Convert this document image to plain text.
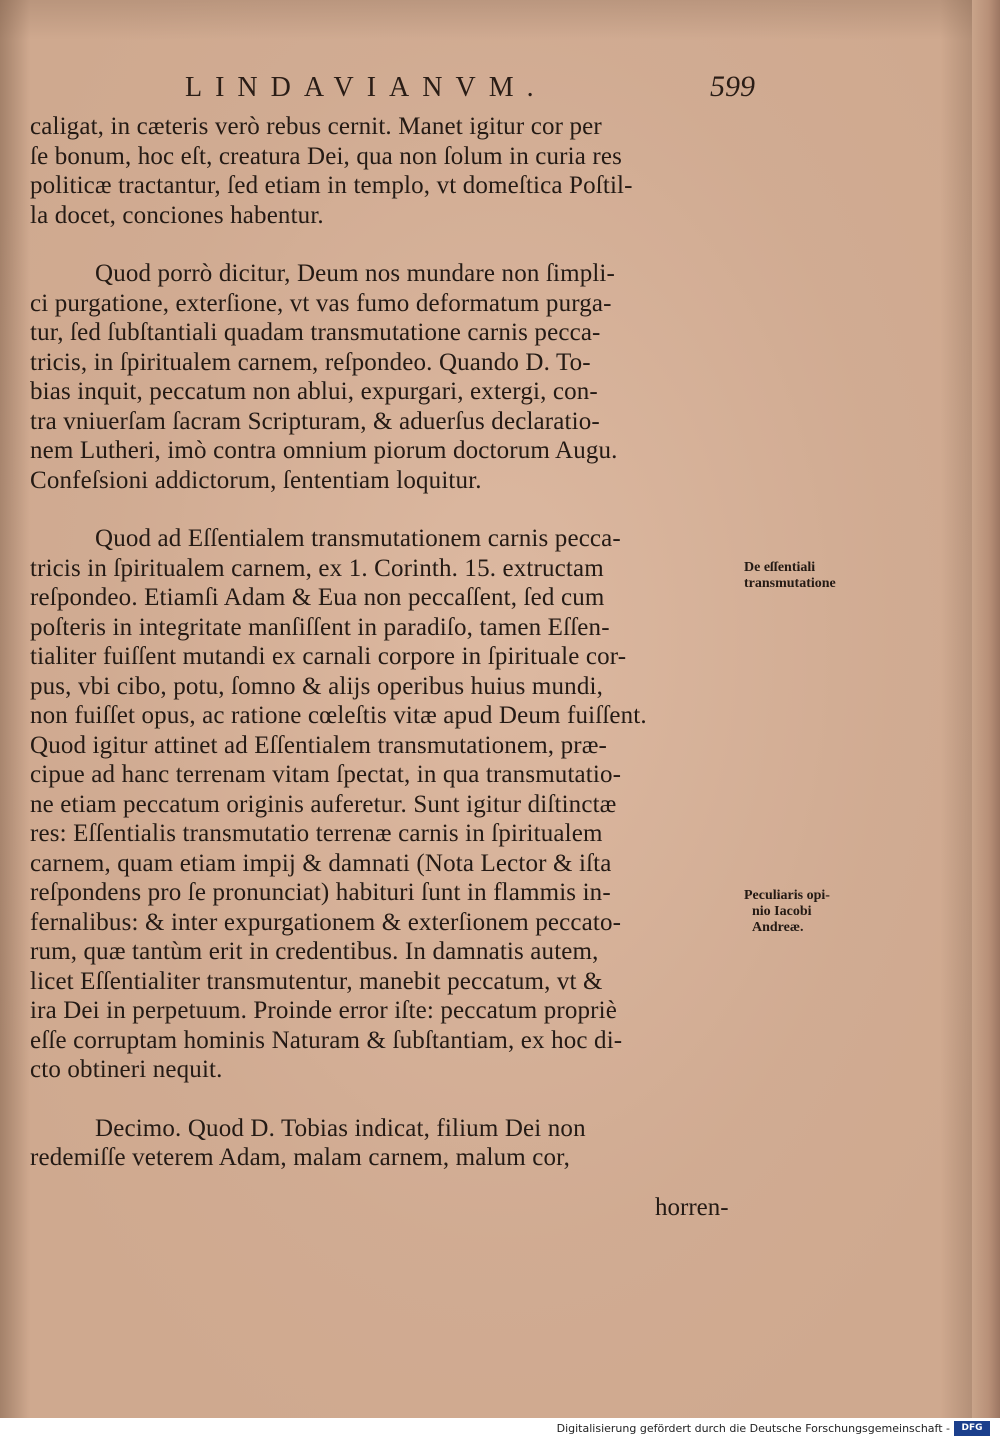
LINDAVIANVM.	599
caligat, in cæteris verò rebus cernit. Manet igitur cor per
ſe bonum, hoc eſt, creatura Dei, qua non ſolum in curia res
politicæ tractantur, ſed etiam in templo, vt domeſtica Poſtil-
la docet, conciones habentur.
Quod porrò dicitur, Deum nos mundare non ſimpli-
ci purgatione, exterſione, vt vas fumo deformatum purga-
tur, ſed ſubſtantiali quadam transmutatione carnis pecca-
tricis, in ſpiritualem carnem, reſpondeo. Quando D. To-
bias inquit, peccatum non ablui, expurgari, extergi, con-
tra vniuerſam ſacram Scripturam, & aduerſus declaratio-
nem Lutheri, imò contra omnium piorum doctorum Augu.
Confeſsioni addictorum, ſententiam loquitur.
Quod ad Eſſentialem transmutationem carnis pecca-
tricis in ſpiritualem carnem, ex 1. Corinth. 15. extructam
reſpondeo. Etiamſi Adam & Eua non peccaſſent, ſed cum
poſteris in integritate manſiſſent in paradiſo, tamen Eſſen-
tialiter fuiſſent mutandi ex carnali corpore in ſpirituale cor-
pus, vbi cibo, potu, ſomno & alijs operibus huius mundi,
non fuiſſet opus, ac ratione cœleſtis vitæ apud Deum fuiſſent.
Quod igitur attinet ad Eſſentialem transmutationem, præ-
cipue ad hanc terrenam vitam ſpectat, in qua transmutatio-
ne etiam peccatum originis auferetur. Sunt igitur diſtinctæ
res: Eſſentialis transmutatio terrenæ carnis in ſpiritualem
carnem, quam etiam impij & damnati (Nota Lector & iſta
reſpondens pro ſe pronunciat) habituri ſunt in flammis in-
fernalibus: & inter expurgationem & exterſionem peccato-
rum, quæ tantùm erit in credentibus. In damnatis autem,
licet Eſſentialiter transmutentur, manebit peccatum, vt &
ira Dei in perpetuum. Proinde error iſte: peccatum propriè
eſſe corruptam hominis Naturam & ſubſtantiam, ex hoc di-
cto obtineri nequit.
Decimo. Quod D. Tobias indicat, filium Dei non
redemiſſe veterem Adam, malam carnem, malum cor,
De eſſentiali
transmutatione
Peculiaris opi-
nio Iacobi
Andreæ.
horren-
Digitalisierung gefördert durch die Deutsche Forschungsgemeinschaft -	DFG
